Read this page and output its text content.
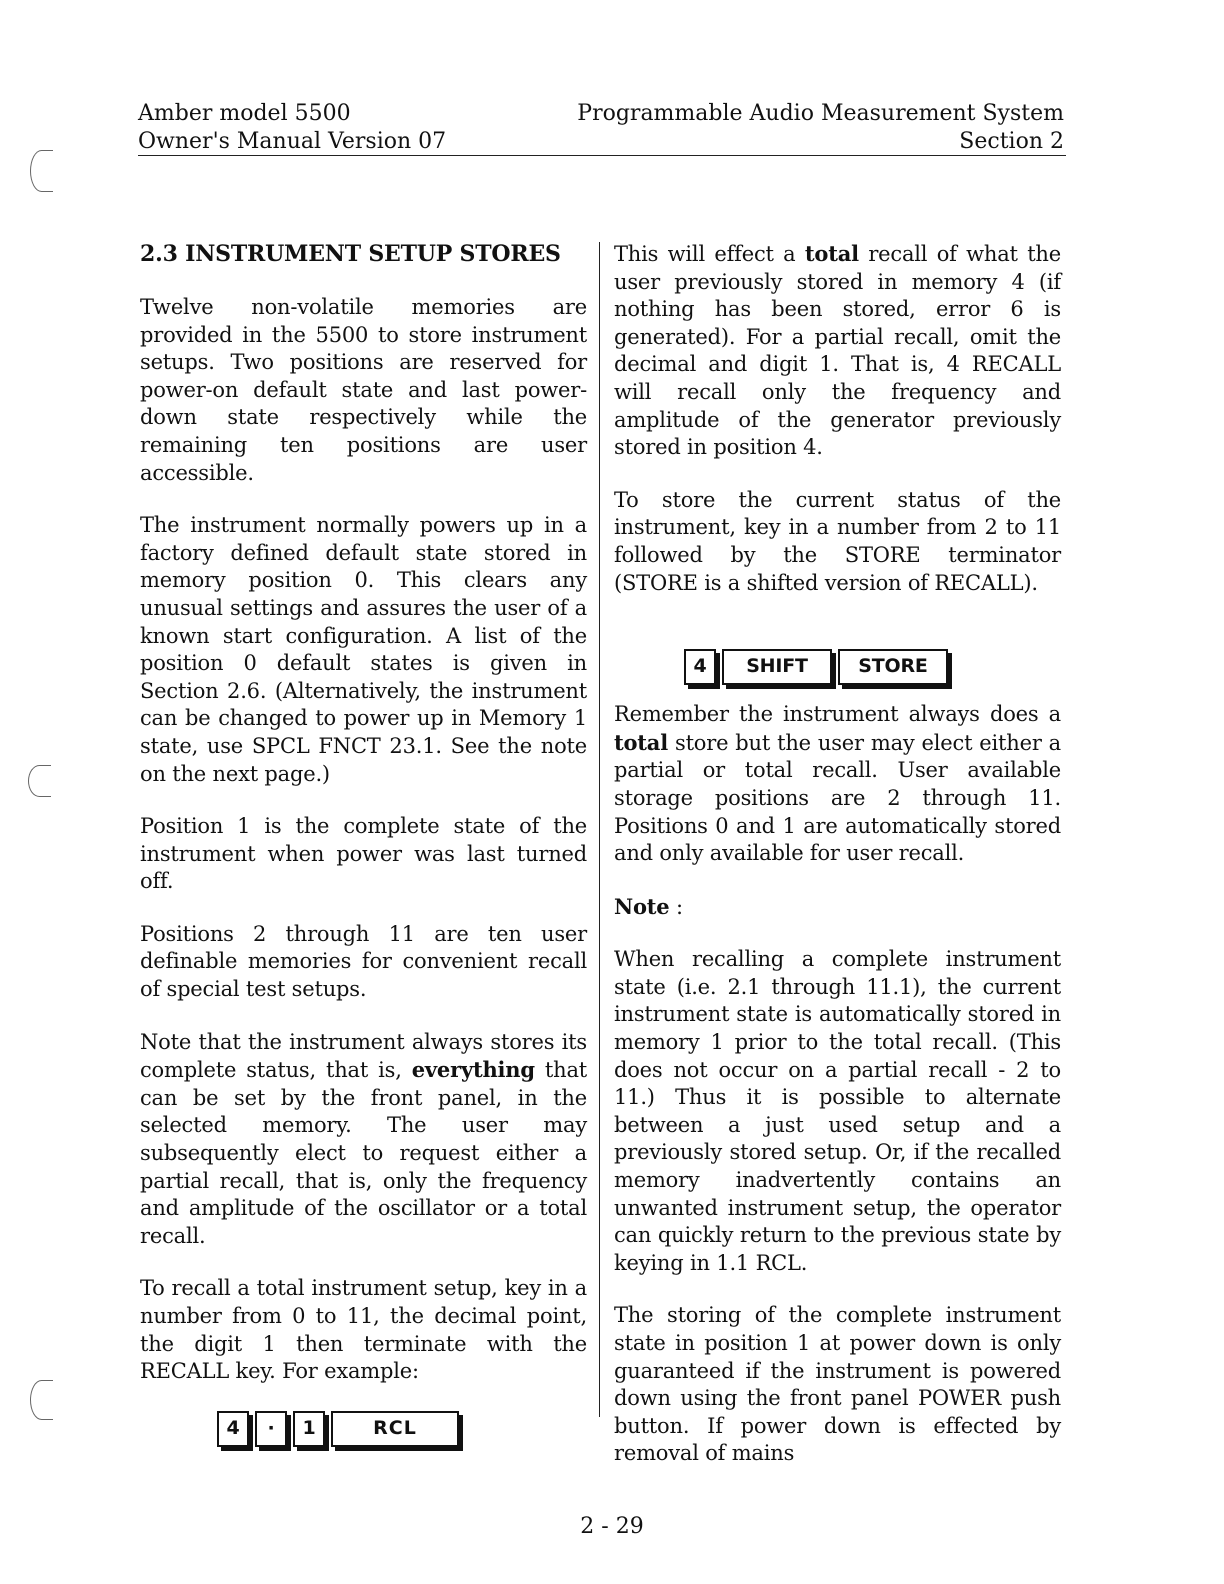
Amber model 5500
Owner's Manual Version 07
Programmable Audio Measurement System
Section 2
2.3 INSTRUMENT SETUP STORES

Twelve non-volatile memories are provided in the 5500 to store instrument setups. Two positions are reserved for power-on default state and last power-down state respectively while the remaining ten positions are user accessible.

The instrument normally powers up in a factory defined default state stored in memory position 0. This clears any unusual settings and assures the user of a known start configuration. A list of the position 0 default states is given in Section 2.6. (Alternatively, the instrument can be changed to power up in Memory 1 state, use SPCL FNCT 23.1. See the note on the next page.)

Position 1 is the complete state of the instrument when power was last turned off.

Positions 2 through 11 are ten user definable memories for convenient recall of special test setups.

Note that the instrument always stores its complete status, that is, everything that can be set by the front panel, in the selected memory. The user may subsequently elect to request either a partial recall, that is, only the frequency and amplitude of the oscillator or a total recall.

To recall a total instrument setup, key in a number from 0 to 11, the decimal point, the digit 1 then terminate with the RECALL key. For example:

4	·	1	RCL

This will effect a total recall of what the user previously stored in memory 4 (if nothing has been stored, error 6 is generated). For a partial recall, omit the decimal and digit 1. That is, 4 RECALL will recall only the frequency and amplitude of the generator previously stored in position 4.

To store the current status of the instrument, key in a number from 2 to 11 followed by the STORE terminator (STORE is a shifted version of RECALL).

4	SHIFT	STORE

Remember the instrument always does a total store but the user may elect either a partial or total recall. User available storage positions are 2 through 11. Positions 0 and 1 are automatically stored and only available for user recall.

Note :

When recalling a complete instrument state (i.e. 2.1 through 11.1), the current instrument state is automatically stored in memory 1 prior to the total recall. (This does not occur on a partial recall - 2 to 11.) Thus it is possible to alternate between a just used setup and a previously stored setup. Or, if the recalled memory inadvertently contains an unwanted instrument setup, the operator can quickly return to the previous state by keying in 1.1 RCL.

The storing of the complete instrument state in position 1 at power down is only guaranteed if the instrument is powered down using the front panel POWER push button. If power down is effected by removal of mains

2 - 29
